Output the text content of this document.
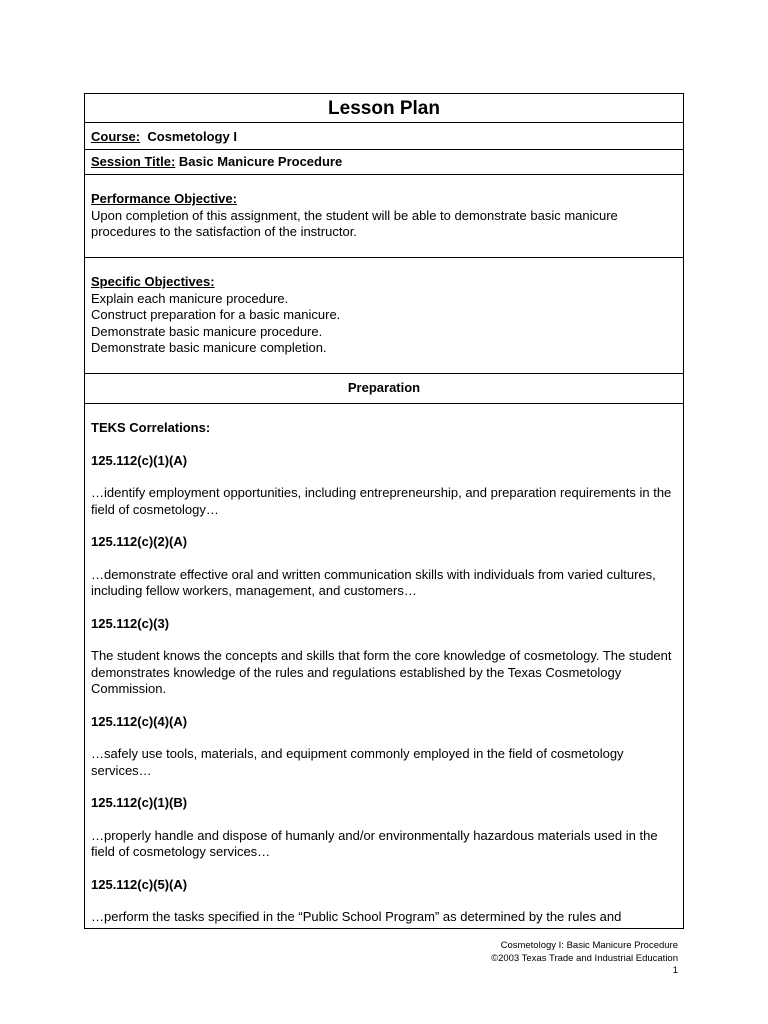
Lesson Plan
Course: Cosmetology I
Session Title: Basic Manicure Procedure
Performance Objective:
Upon completion of this assignment, the student will be able to demonstrate basic manicure procedures to the satisfaction of the instructor.
Specific Objectives:
Explain each manicure procedure.
Construct preparation for a basic manicure.
Demonstrate basic manicure procedure.
Demonstrate basic manicure completion.
Preparation
TEKS Correlations:
125.112(c)(1)(A)
…identify employment opportunities, including entrepreneurship, and preparation requirements in the field of cosmetology…
125.112(c)(2)(A)
…demonstrate effective oral and written communication skills with individuals from varied cultures, including fellow workers, management, and customers…
125.112(c)(3)
The student knows the concepts and skills that form the core knowledge of cosmetology. The student demonstrates knowledge of the rules and regulations established by the Texas Cosmetology Commission.
125.112(c)(4)(A)
…safely use tools, materials, and equipment commonly employed in the field of cosmetology services…
125.112(c)(1)(B)
…properly handle and dispose of humanly and/or environmentally hazardous materials used in the field of cosmetology services…
125.112(c)(5)(A)
…perform the tasks specified in the “Public School Program” as determined by the rules and
Cosmetology I: Basic Manicure Procedure
©2003 Texas Trade and Industrial Education
1
